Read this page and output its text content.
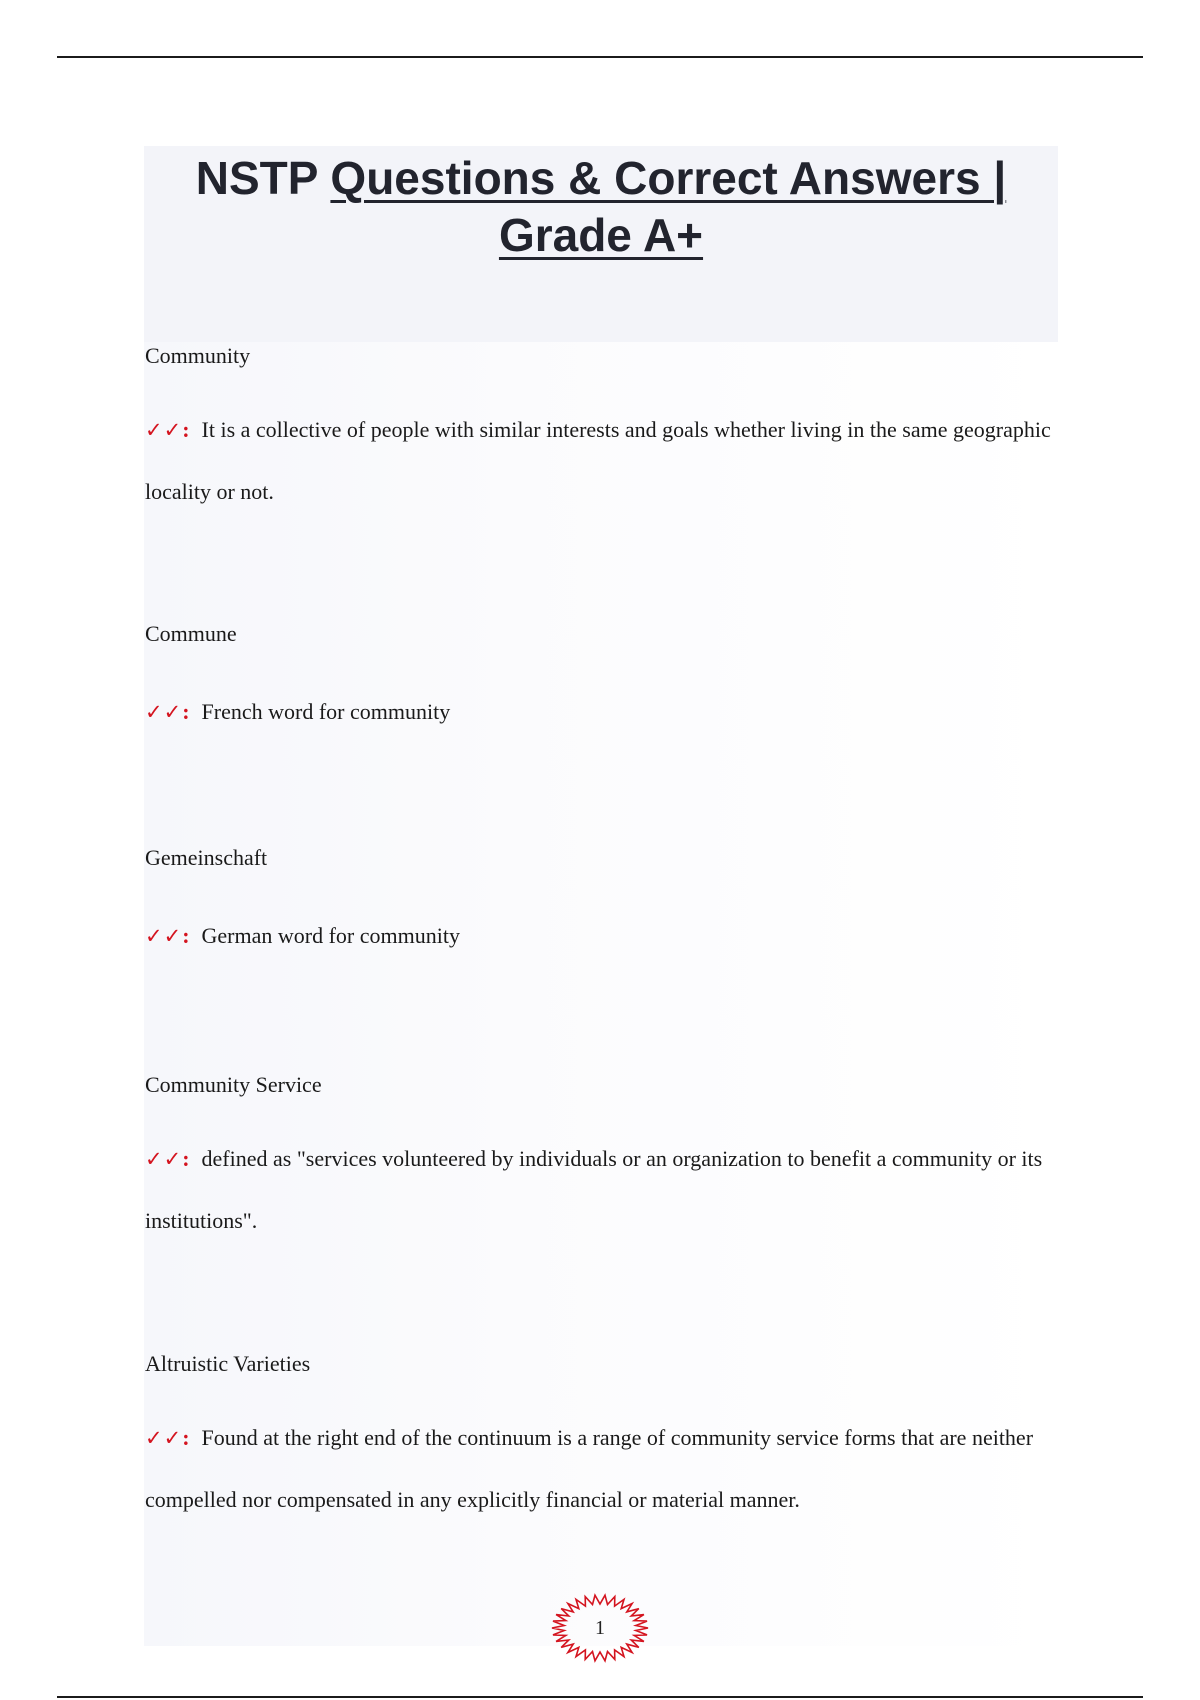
NSTP Questions & Correct Answers | Grade A+
Community
✓✓: It is a collective of people with similar interests and goals whether living in the same geographic locality or not.
Commune
✓✓: French word for community
Gemeinschaft
✓✓: German word for community
Community Service
✓✓: defined as "services volunteered by individuals or an organization to benefit a community or its institutions".
Altruistic Varieties
✓✓: Found at the right end of the continuum is a range of community service forms that are neither compelled nor compensated in any explicitly financial or material manner.
1
